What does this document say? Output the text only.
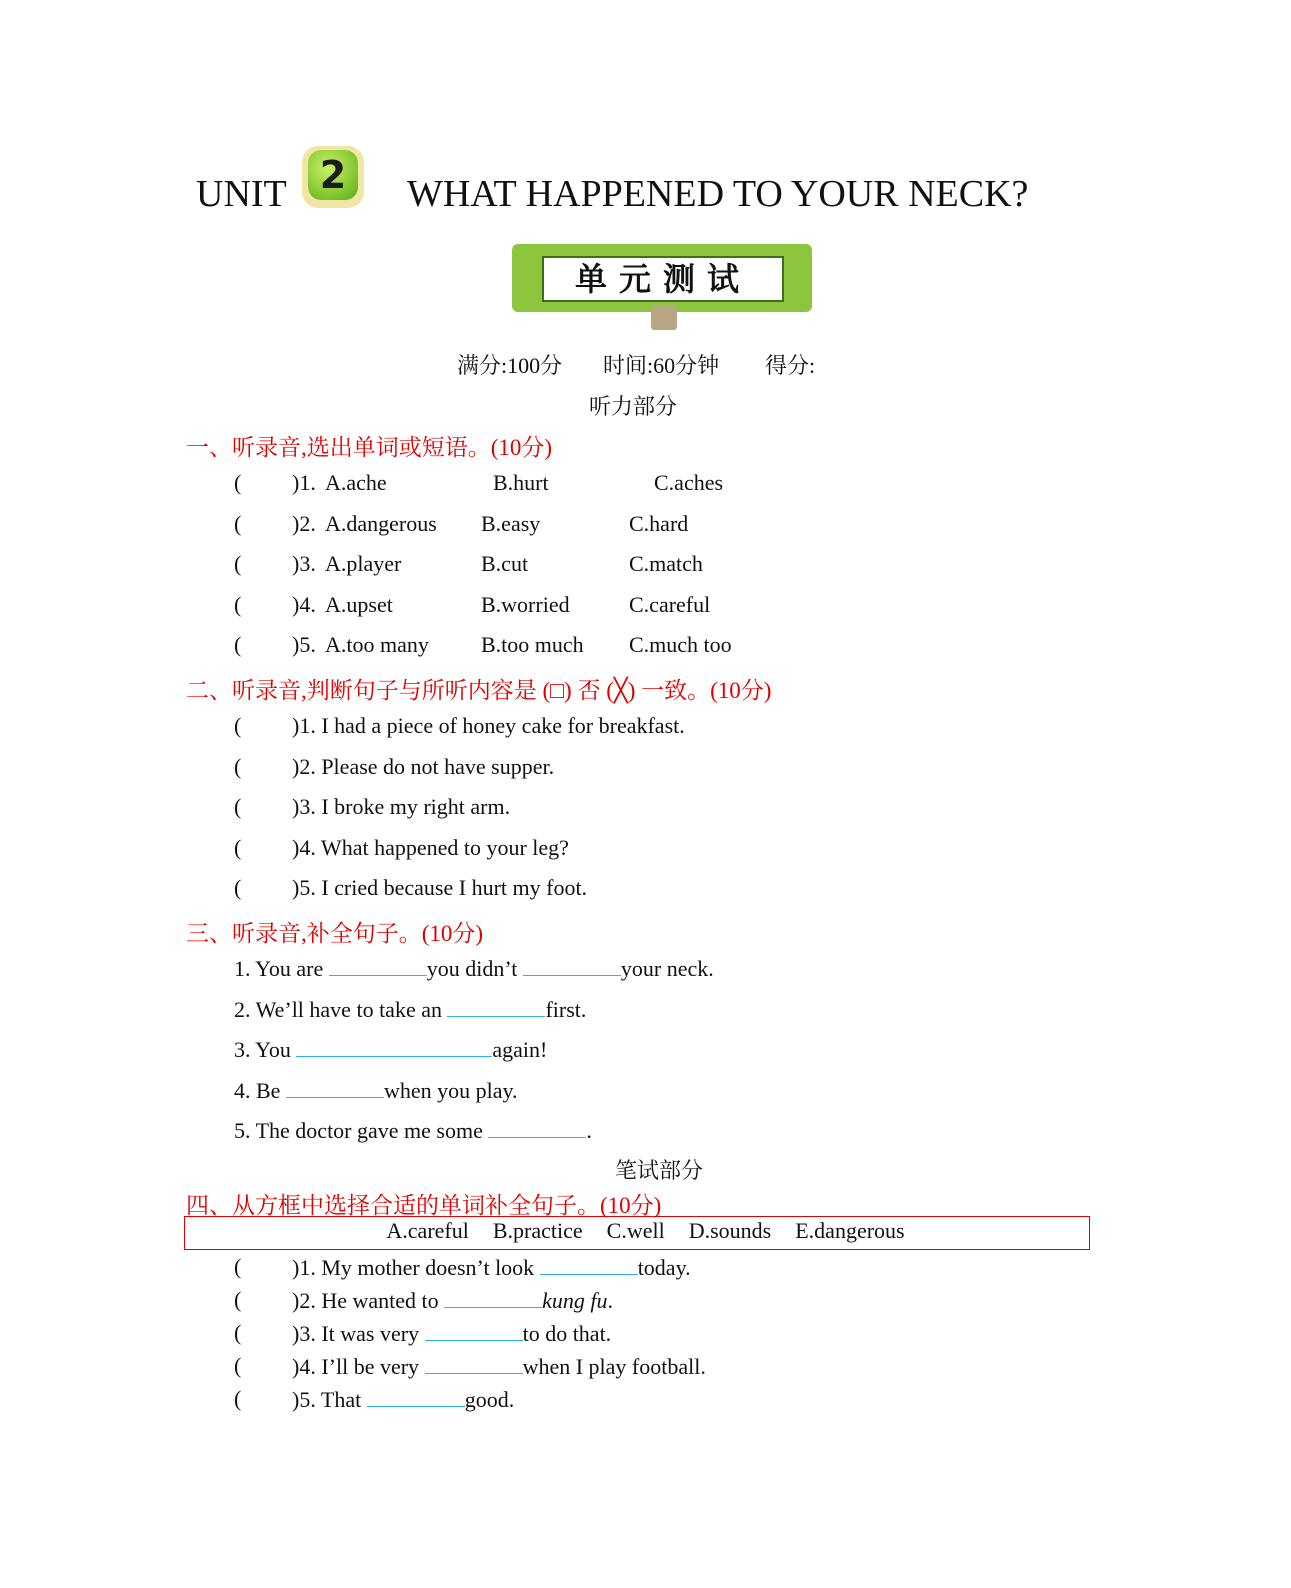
UNIT 2	WHAT HAPPENED TO YOUR NECK?
单元测试
满分:100分 时间:60分钟 得分:
听力部分
一、听录音,选出单词或短语。(10分)
( )1. A.ache	B.hurt	C.aches
( )2. A.dangerous B.easy	C.hard
( )3. A.player	B.cut	C.match
( )4. A.upset	B.worried	C.careful
( )5. A.too many B.too much C.much too
二、听录音,判断句子与所听内容是 (□) 否 (╳) 一致。(10分)
( )1. I had a piece of honey cake for breakfast.
( )2. Please do not have supper.
( )3. I broke my right arm.
( )4. What happened to your leg?
( )5. I cried because I hurt my foot.
三、听录音,补全句子。(10分)
1. You are	you didn’t	your neck.
2. We’ll have to take an	first.
3. You	again!
4. Be	when you play.
5. The doctor gave me some	.
笔试部分
四、从方框中选择合适的单词补全句子。(10分)
A.careful B.practice C.well D.sounds E.dangerous
( )1. My mother doesn’t look	today.
( )2. He wanted to	kung fu.
( )3. It was very	to do that.
( )4. I’ll be very	when I play football.
( )5. That	good.
